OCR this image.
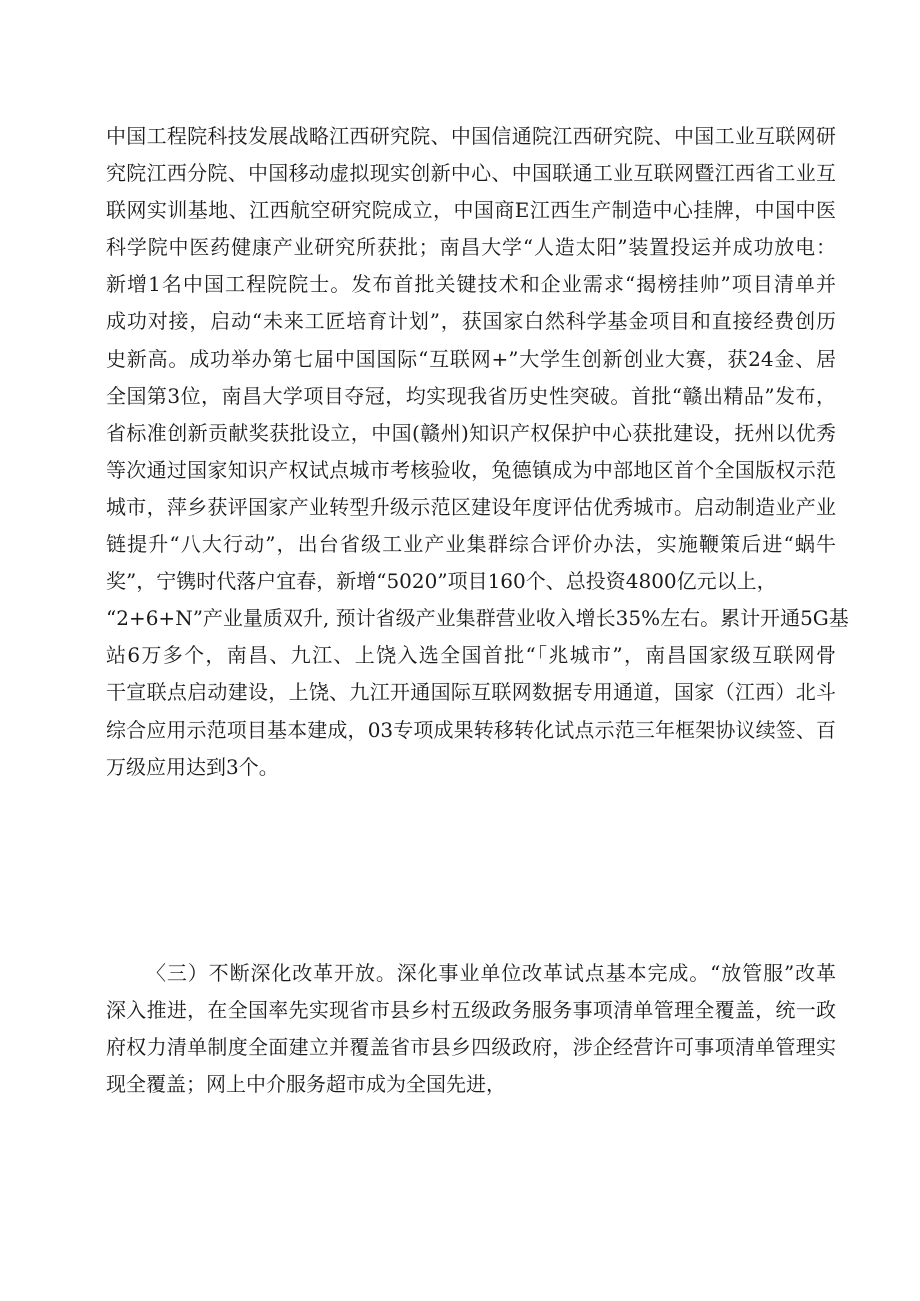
中国工程院科技发展战略江西研究院、中国信通院江西研究院、中国工业互联网研
究院江西分院、中国移动虚拟现实创新中心、中国联通工业互联网暨江西省工业互
联网实训基地、江西航空研究院成立，中国商E江西生产制造中心挂牌，中国中医
科学院中医药健康产业研究所获批；南昌大学“人造太阳”装置投运并成功放电：
新增1名中国工程院院士。发布首批关键技术和企业需求“揭榜挂帅”项目清单并
成功对接，启动“未来工匠培育计划”，获国家白然科学基金项目和直接经费创历
史新高。成功举办第七届中国国际“互联网+”大学生创新创业大赛，获24金、居
全国第3位，南昌大学项目夺冠，均实现我省历史性突破。首批“赣出精品”发布，
省标准创新贡献奖获批设立，中国(赣州)知识产权保护中心获批建设，抚州以优秀
等次通过国家知识产权试点城市考核验收，兔德镇成为中部地区首个全国版权示范
城市，萍乡获评国家产业转型升级示范区建设年度评估优秀城市。启动制造业产业
链提升“八大行动”，出台省级工业产业集群综合评价办法，实施鞭策后进“蜗牛
奖”，宁镌时代落户宜春，新增“5020”项目160个、总投资4800亿元以上，
“2+6+N”产业量质双升, 预计省级产业集群营业收入增长35%左右。累计开通5G基
站6万多个，南昌、九江、上饶入选全国首批“「兆城市”，南昌国家级互联网骨
干宣联点启动建设，上饶、九江开通国际互联网数据专用通道，国家（江西）北斗
综合应用示范项目基本建成，03专项成果转移转化试点示范三年框架协议续签、百
万级应用达到3个。
〈三）不断深化改革开放。深化事业单位改革试点基本完成。“放管服”改革
深入推进，在全国率先实现省市县乡村五级政务服务事项清单管理全覆盖，统一政
府权力清单制度全面建立并覆盖省市县乡四级政府，涉企经营许可事项清单管理实
现全覆盖；网上中介服务超市成为全国先进，
